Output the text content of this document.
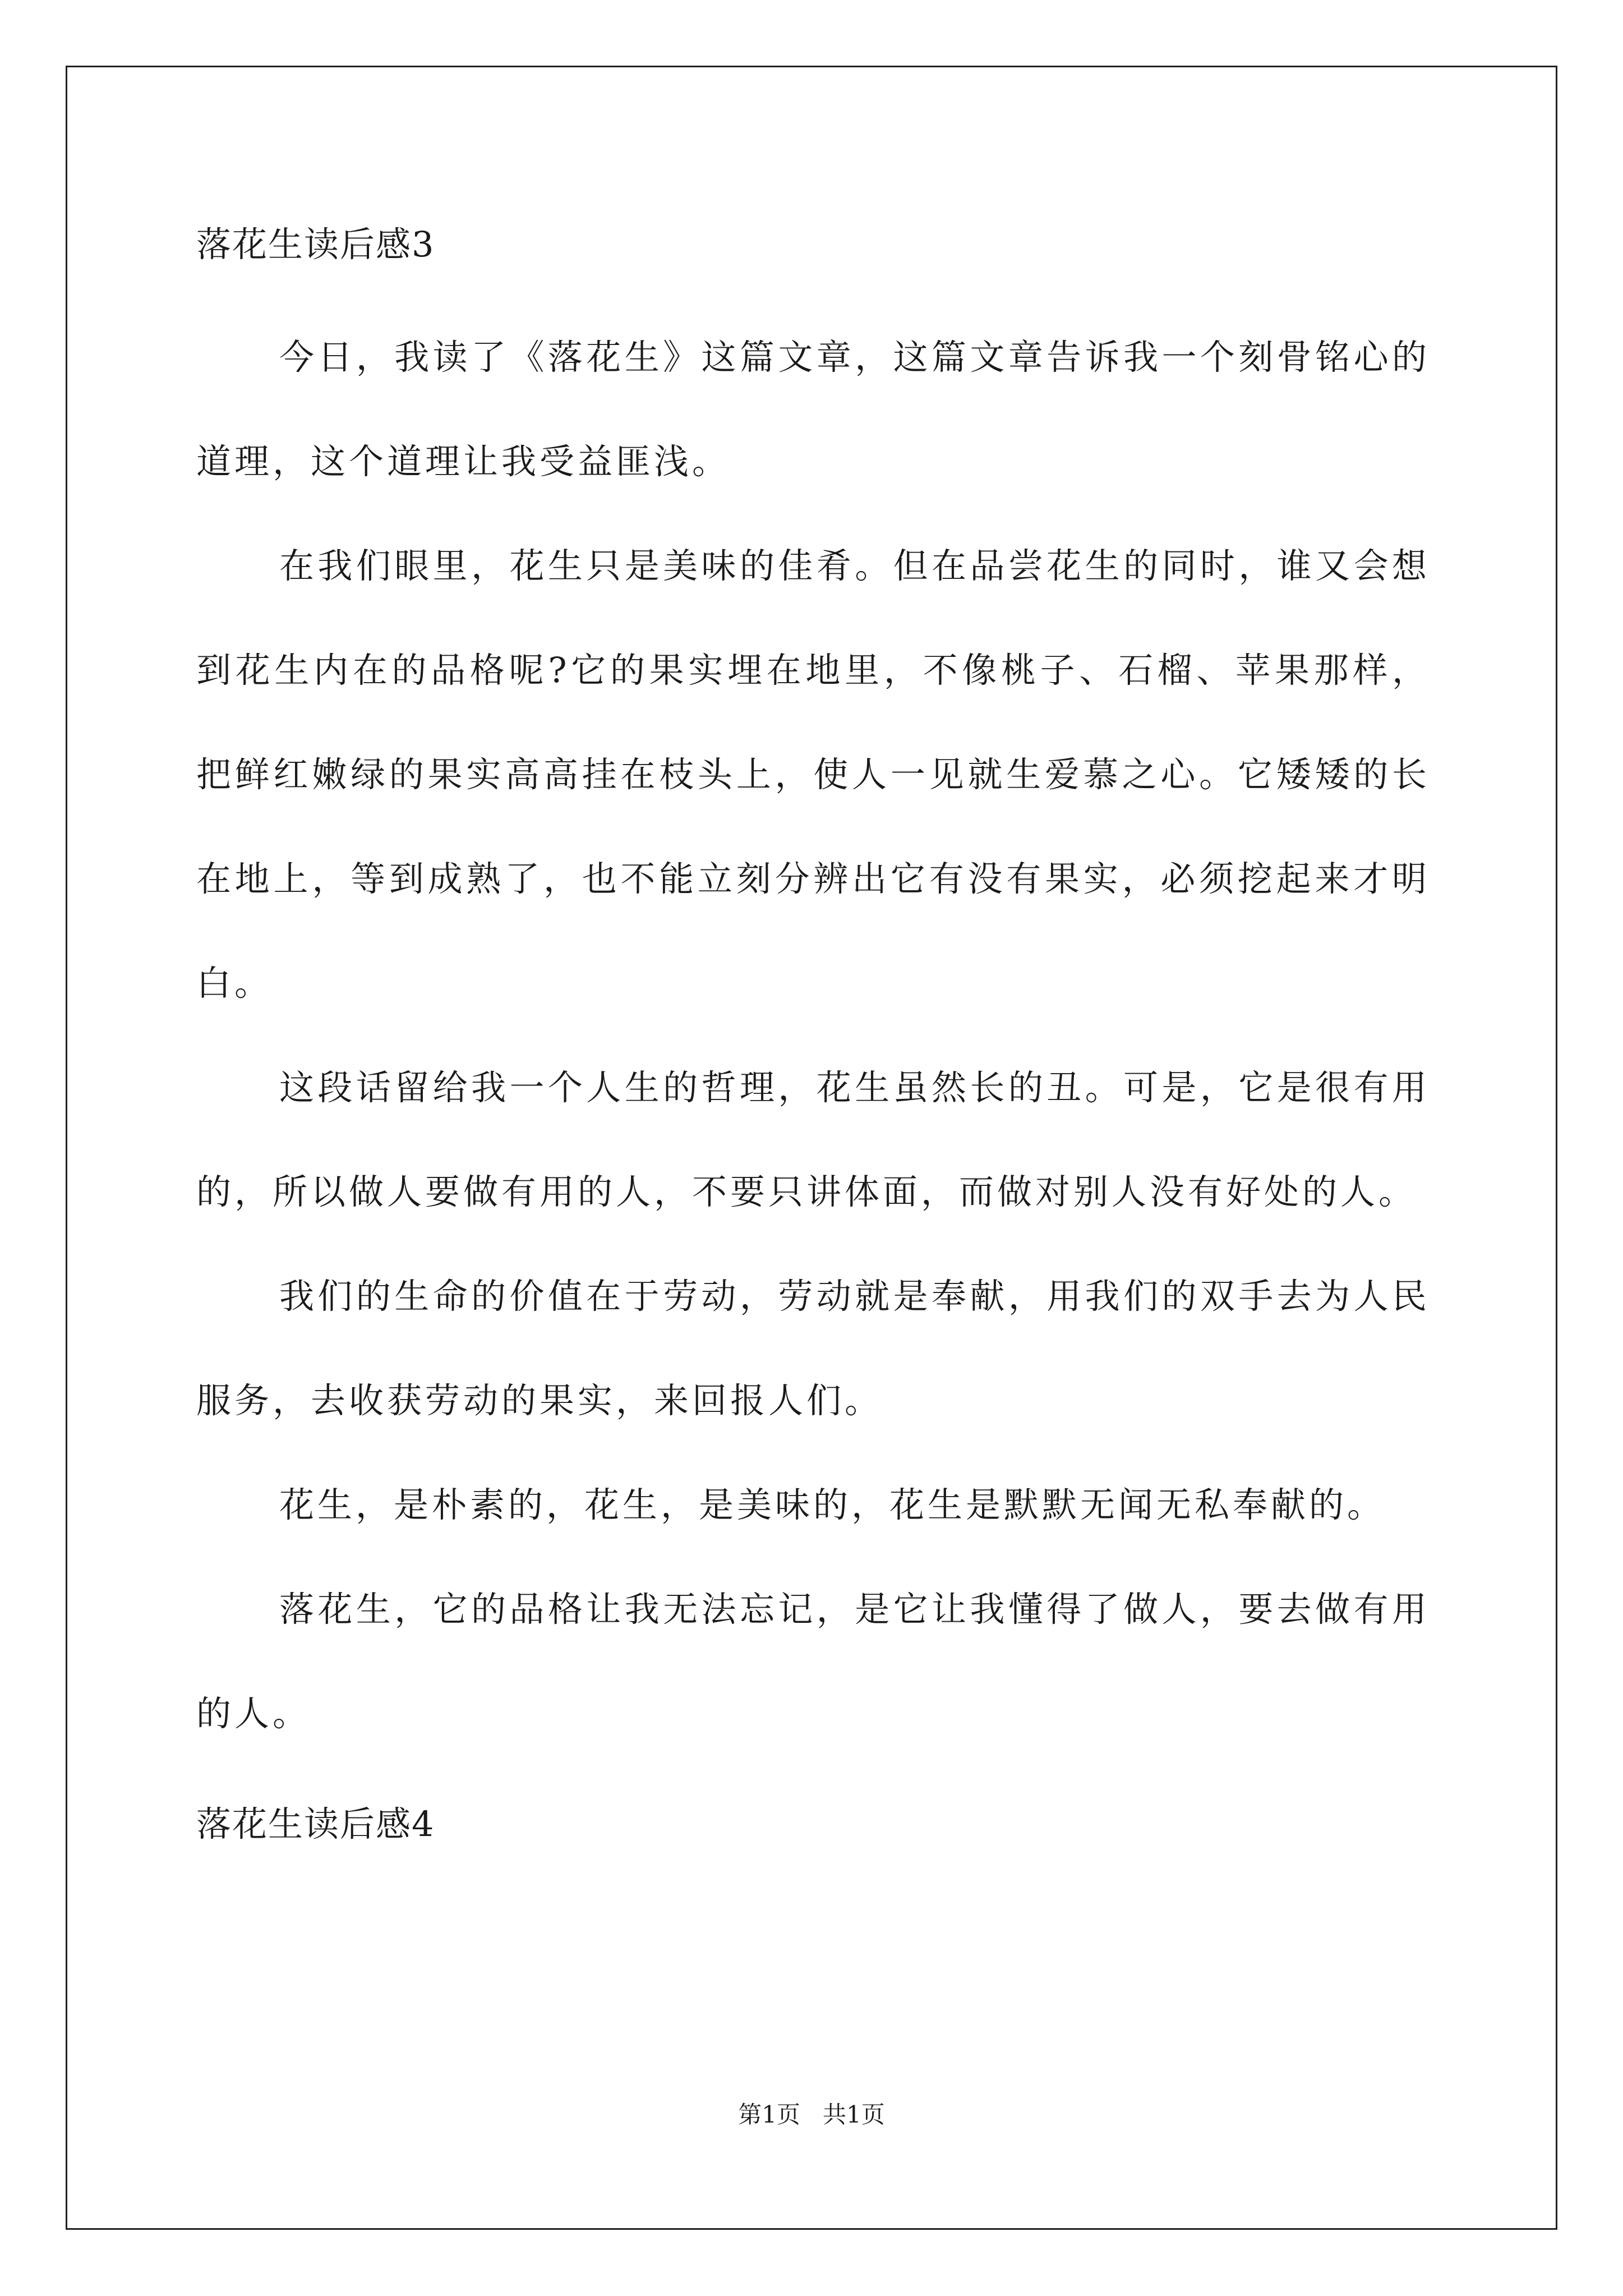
落花生读后感3

今日，我读了《落花生》这篇文章，这篇文章告诉我一个刻骨铭心的道理，这个道理让我受益匪浅。

在我们眼里，花生只是美味的佳肴。但在品尝花生的同时，谁又会想到花生内在的品格呢?它的果实埋在地里，不像桃子、石榴、苹果那样，把鲜红嫩绿的果实高高挂在枝头上，使人一见就生爱慕之心。它矮矮的长在地上，等到成熟了，也不能立刻分辨出它有没有果实，必须挖起来才明白。

这段话留给我一个人生的哲理，花生虽然长的丑。可是，它是很有用的，所以做人要做有用的人，不要只讲体面，而做对别人没有好处的人。

我们的生命的价值在于劳动，劳动就是奉献，用我们的双手去为人民服务，去收获劳动的果实，来回报人们。

花生，是朴素的，花生，是美味的，花生是默默无闻无私奉献的。

落花生，它的品格让我无法忘记，是它让我懂得了做人，要去做有用的人。

落花生读后感4
第1页   共1页
